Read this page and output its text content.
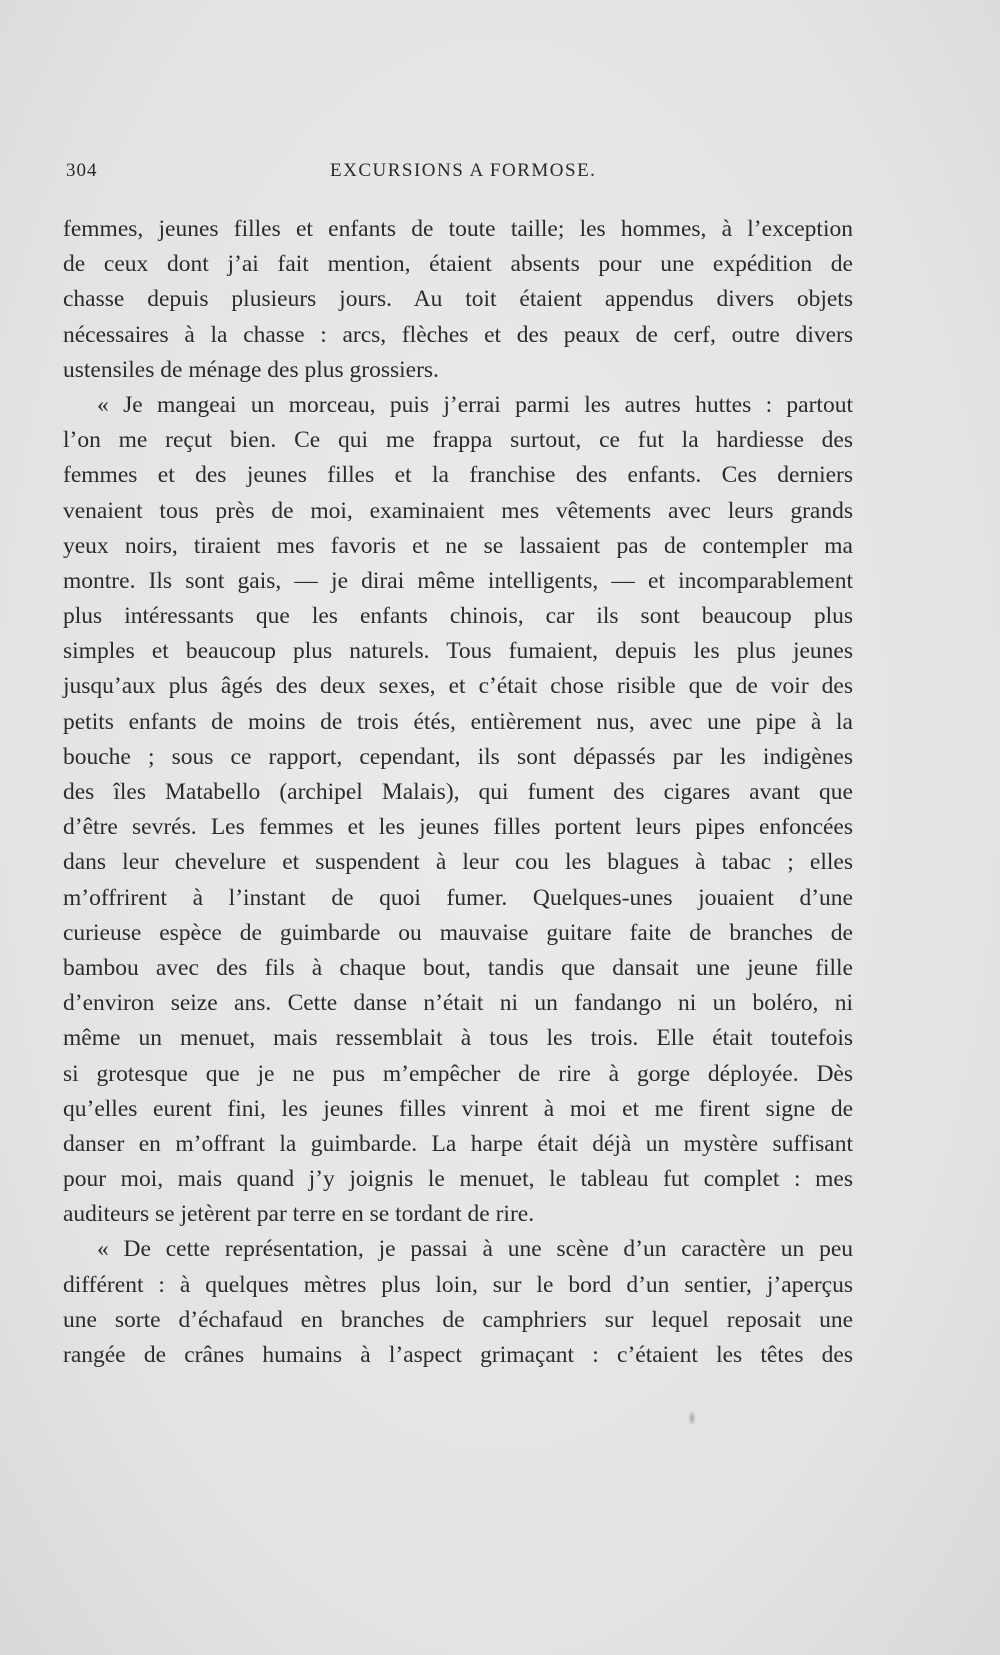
304	EXCURSIONS A FORMOSE.
femmes, jeunes filles et enfants de toute taille; les hommes, à l’exception
de ceux dont j’ai fait mention, étaient absents pour une expédition de
chasse depuis plusieurs jours. Au toit étaient appendus divers objets
nécessaires à la chasse : arcs, flèches et des peaux de cerf, outre divers
ustensiles de ménage des plus grossiers.
« Je mangeai un morceau, puis j’errai parmi les autres huttes : partout
l’on me reçut bien. Ce qui me frappa surtout, ce fut la hardiesse des
femmes et des jeunes filles et la franchise des enfants. Ces derniers
venaient tous près de moi, examinaient mes vêtements avec leurs grands
yeux noirs, tiraient mes favoris et ne se lassaient pas de contempler ma
montre. Ils sont gais, — je dirai même intelligents, — et incomparablement
plus intéressants que les enfants chinois, car ils sont beaucoup plus
simples et beaucoup plus naturels. Tous fumaient, depuis les plus jeunes
jusqu’aux plus âgés des deux sexes, et c’était chose risible que de voir des
petits enfants de moins de trois étés, entièrement nus, avec une pipe à la
bouche ; sous ce rapport, cependant, ils sont dépassés par les indigènes
des îles Matabello (archipel Malais), qui fument des cigares avant que
d’être sevrés. Les femmes et les jeunes filles portent leurs pipes enfoncées
dans leur chevelure et suspendent à leur cou les blagues à tabac ; elles
m’offrirent à l’instant de quoi fumer. Quelques-unes jouaient d’une
curieuse espèce de guimbarde ou mauvaise guitare faite de branches de
bambou avec des fils à chaque bout, tandis que dansait une jeune fille
d’environ seize ans. Cette danse n’était ni un fandango ni un boléro, ni
même un menuet, mais ressemblait à tous les trois. Elle était toutefois
si grotesque que je ne pus m’empêcher de rire à gorge déployée. Dès
qu’elles eurent fini, les jeunes filles vinrent à moi et me firent signe de
danser en m’offrant la guimbarde. La harpe était déjà un mystère suffisant
pour moi, mais quand j’y joignis le menuet, le tableau fut complet : mes
auditeurs se jetèrent par terre en se tordant de rire.
« De cette représentation, je passai à une scène d’un caractère un peu
différent : à quelques mètres plus loin, sur le bord d’un sentier, j’aperçus
une sorte d’échafaud en branches de camphriers sur lequel reposait une
rangée de crânes humains à l’aspect grimaçant : c’étaient les têtes des
